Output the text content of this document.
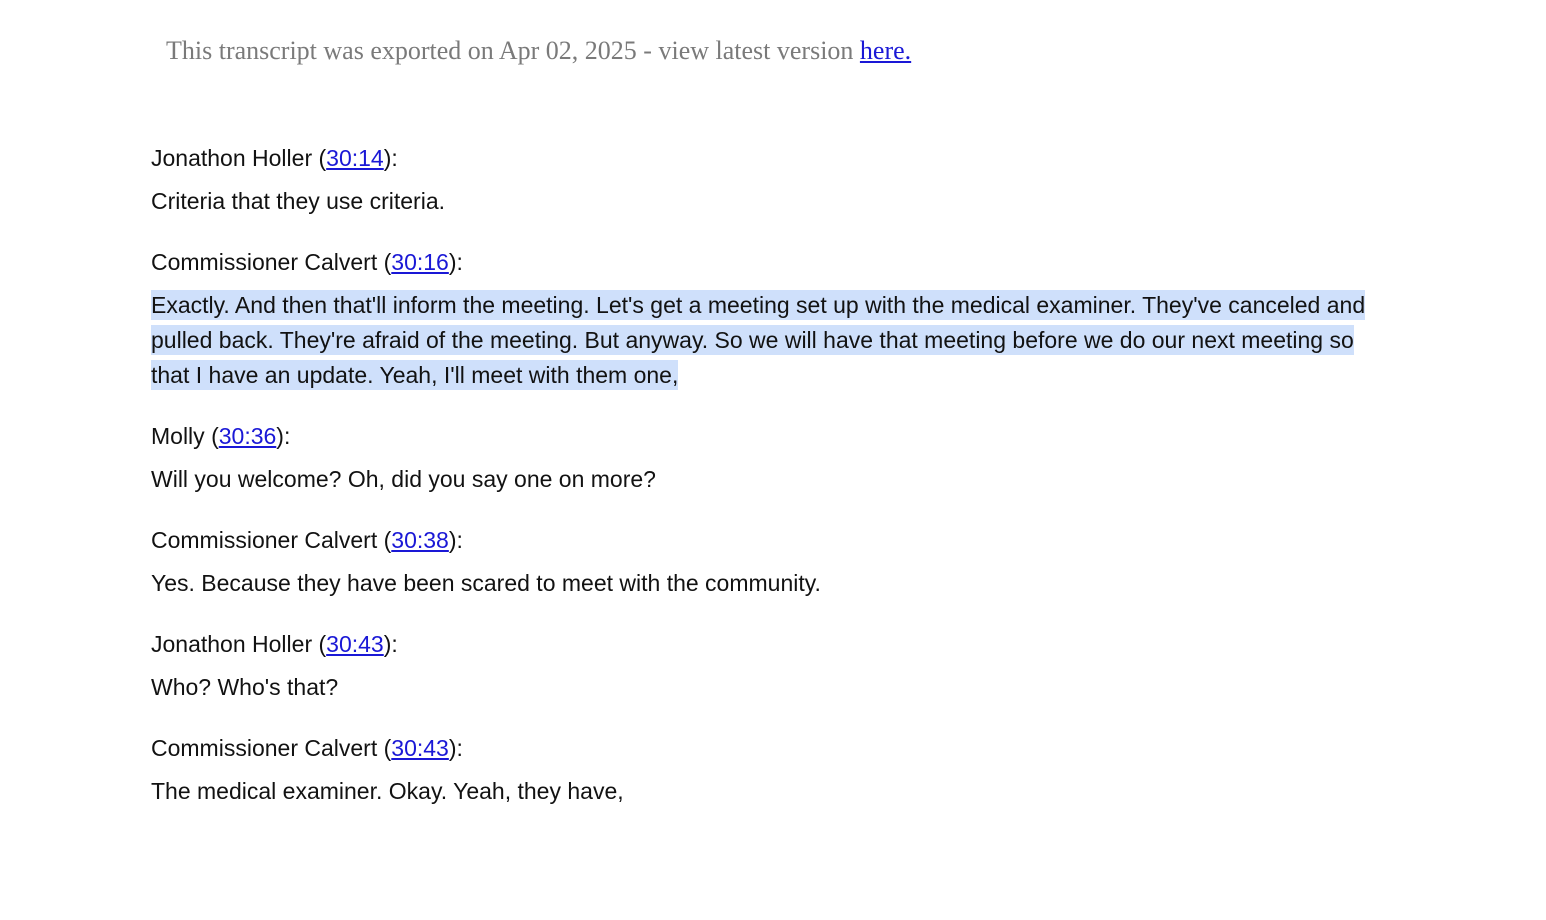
This transcript was exported on Apr 02, 2025 - view latest version here.
Jonathon Holler (30:14):
Criteria that they use criteria.
Commissioner Calvert (30:16):
Exactly. And then that'll inform the meeting. Let's get a meeting set up with the medical examiner. They've canceled and pulled back. They're afraid of the meeting. But anyway. So we will have that meeting before we do our next meeting so that I have an update. Yeah, I'll meet with them one,
Molly (30:36):
Will you welcome? Oh, did you say one on more?
Commissioner Calvert (30:38):
Yes. Because they have been scared to meet with the community.
Jonathon Holler (30:43):
Who? Who's that?
Commissioner Calvert (30:43):
The medical examiner. Okay. Yeah, they have,
